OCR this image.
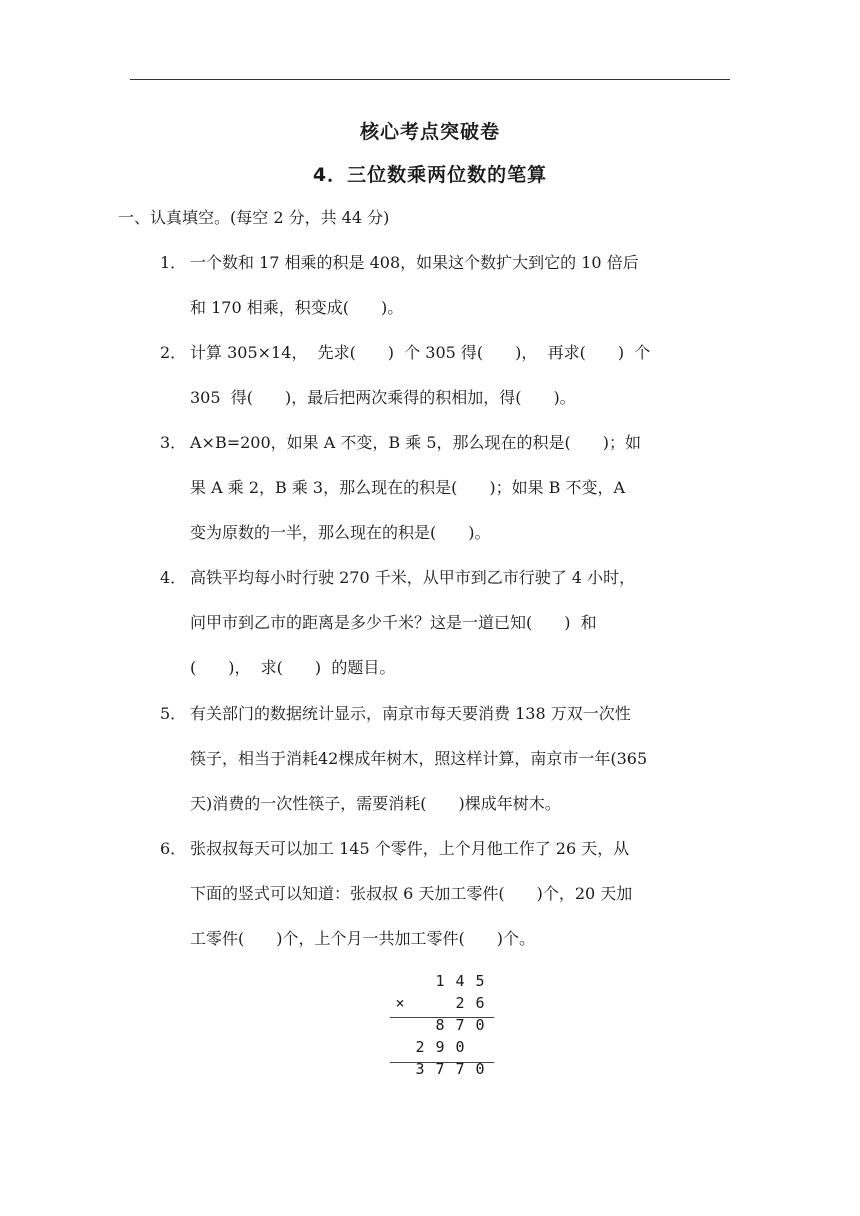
核心考点突破卷
4．三位数乘两位数的笔算
一、认真填空。(每空 2 分，共 44 分)
1． 一个数和 17 相乘的积是 408，如果这个数扩大到它的 10 倍后
和 170 相乘，积变成(　　)。
2． 计算 305×14，  先求(　　)  个 305 得(　　)，  再求(　　)  个
305  得(　　)，最后把两次乘得的积相加，得(　　)。
3． A×B=200，如果 A 不变，B 乘 5，那么现在的积是(　　)；如
果 A 乘 2，B 乘 3，那么现在的积是(　　)；如果 B 不变，A
变为原数的一半，那么现在的积是(　　)。
4． 高铁平均每小时行驶 270 千米，从甲市到乙市行驶了 4 小时，
问甲市到乙市的距离是多少千米？这是一道已知(　　)  和
(　　)，  求(　　)  的题目。
5． 有关部门的数据统计显示，南京市每天要消费 138 万双一次性
筷子，相当于消耗42棵成年树木，照这样计算，南京市一年(365
天)消费的一次性筷子，需要消耗(　　)棵成年树木。
6． 张叔叔每天可以加工 145 个零件，上个月他工作了 26 天，从
下面的竖式可以知道：张叔叔 6 天加工零件(　　)个，20 天加
工零件(　　)个，上个月一共加工零件(　　)个。
1 4 5
×	2 6
8 7 0
2 9 0
3 7 7 0
